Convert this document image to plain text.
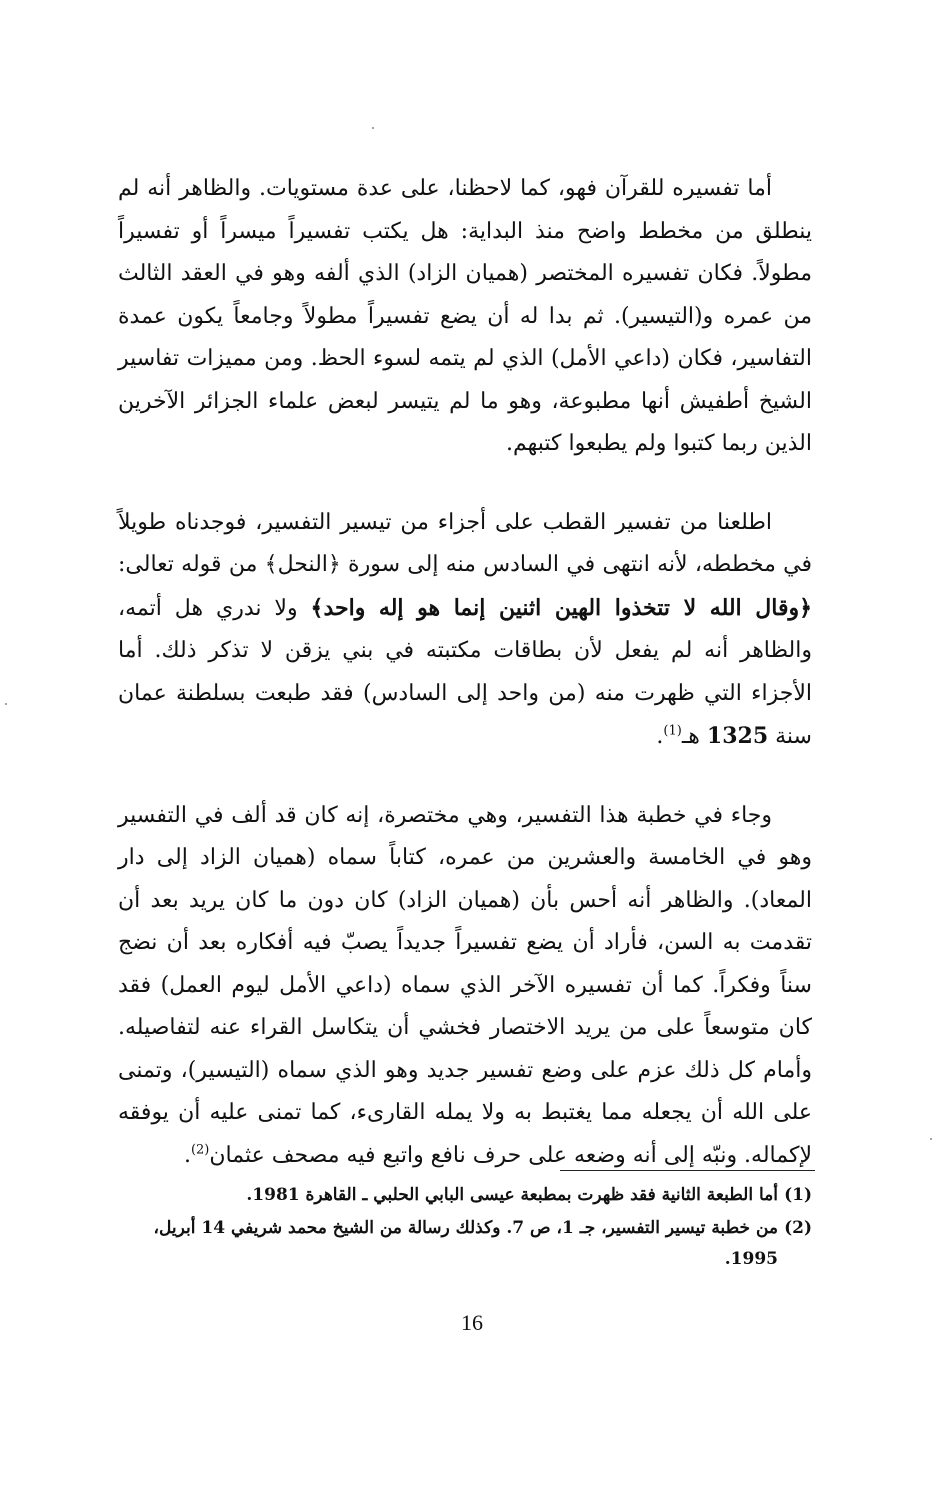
أما تفسيره للقرآن فهو، كما لاحظنا، على عدة مستويات. والظاهر أنه لم ينطلق من مخطط واضح منذ البداية: هل يكتب تفسيراً ميسراً أو تفسيراً مطولاً. فكان تفسيره المختصر (هميان الزاد) الذي ألفه وهو في العقد الثالث من عمره و(التيسير). ثم بدا له أن يضع تفسيراً مطولاً وجامعاً يكون عمدة التفاسير، فكان (داعي الأمل) الذي لم يتمه لسوء الحظ. ومن مميزات تفاسير الشيخ أطفيش أنها مطبوعة، وهو ما لم يتيسر لبعض علماء الجزائر الآخرين الذين ربما كتبوا ولم يطبعوا كتبهم.

اطلعنا من تفسير القطب على أجزاء من تيسير التفسير، فوجدناه طويلاً في مخططه، لأنه انتهى في السادس منه إلى سورة ﴿النحل﴾ من قوله تعالى: ﴿وقال الله لا تتخذوا الهين اثنين إنما هو إله واحد﴾ ولا ندري هل أتمه، والظاهر أنه لم يفعل لأن بطاقات مكتبته في بني يزقن لا تذكر ذلك. أما الأجزاء التي ظهرت منه (من واحد إلى السادس) فقد طبعت بسلطنة عمان سنة 1325 هـ$^{(1)}$.

وجاء في خطبة هذا التفسير، وهي مختصرة، إنه كان قد ألف في التفسير وهو في الخامسة والعشرين من عمره، كتاباً سماه (هميان الزاد إلى دار المعاد). والظاهر أنه أحس بأن (هميان الزاد) كان دون ما كان يريد بعد أن تقدمت به السن، فأراد أن يضع تفسيراً جديداً يصبّ فيه أفكاره بعد أن نضج سناً وفكراً. كما أن تفسيره الآخر الذي سماه (داعي الأمل ليوم العمل) فقد كان متوسعاً على من يريد الاختصار فخشي أن يتكاسل القراء عنه لتفاصيله. وأمام كل ذلك عزم على وضع تفسير جديد وهو الذي سماه (التيسير)، وتمنى على الله أن يجعله مما يغتبط به ولا يمله القارىء، كما تمنى عليه أن يوفقه لإكماله. ونبّه إلى أنه وضعه على حرف نافع واتبع فيه مصحف عثمان$^{(2)}$.

(1)
أما الطبعة الثانية فقد ظهرت بمطبعة عيسى البابي الحلبي ـ القاهرة 1981.
(2)
من خطبة تيسير التفسير، جـ 1، ص 7. وكذلك رسالة من الشيخ محمد شريفي 14 أبريل، 1995.
16
